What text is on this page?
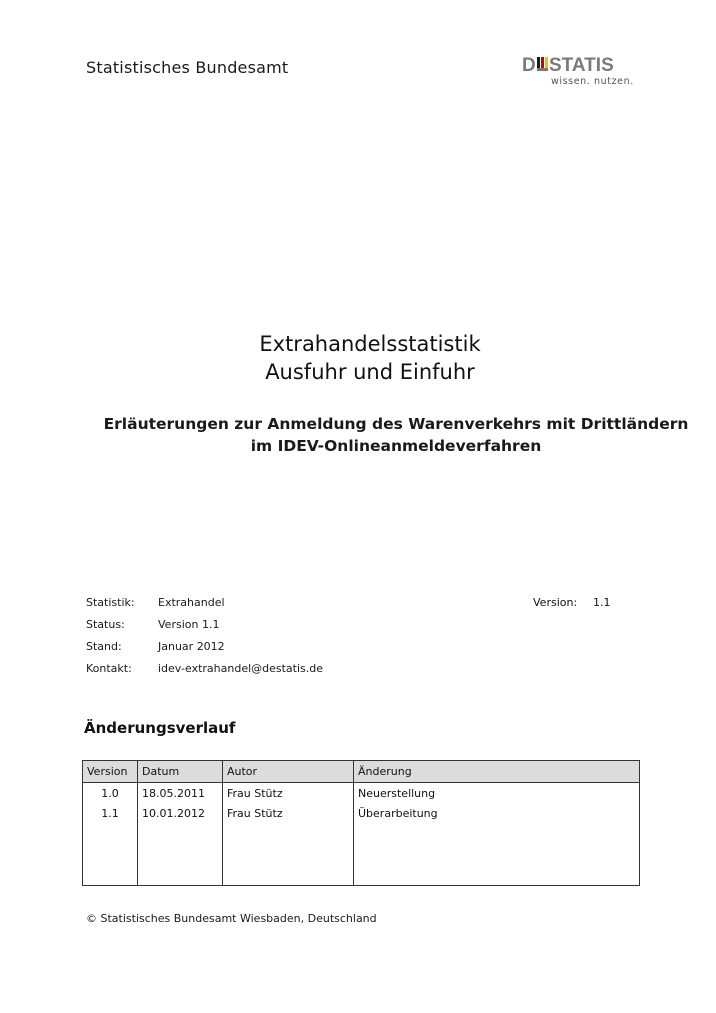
Statistisches Bundesamt	D STATIS
wissen. nutzen.
Extrahandelsstatistik
Ausfuhr und Einfuhr
Erläuterungen zur Anmeldung des Warenverkehrs mit Drittländern
im IDEV-Onlineanmeldeverfahren
Statistik: Extrahandel
Status:	Version 1.1
Stand:	Januar 2012
Kontakt: idev-extrahandel@destatis.de
Version: 1.1
Änderungsverlauf
Version	Datum	Autor	Änderung
1.0	18.05.2011	Frau Stütz	Neuerstellung
1.1	10.01.2012	Frau Stütz	Überarbeitung

© Statistisches Bundesamt Wiesbaden, Deutschland
